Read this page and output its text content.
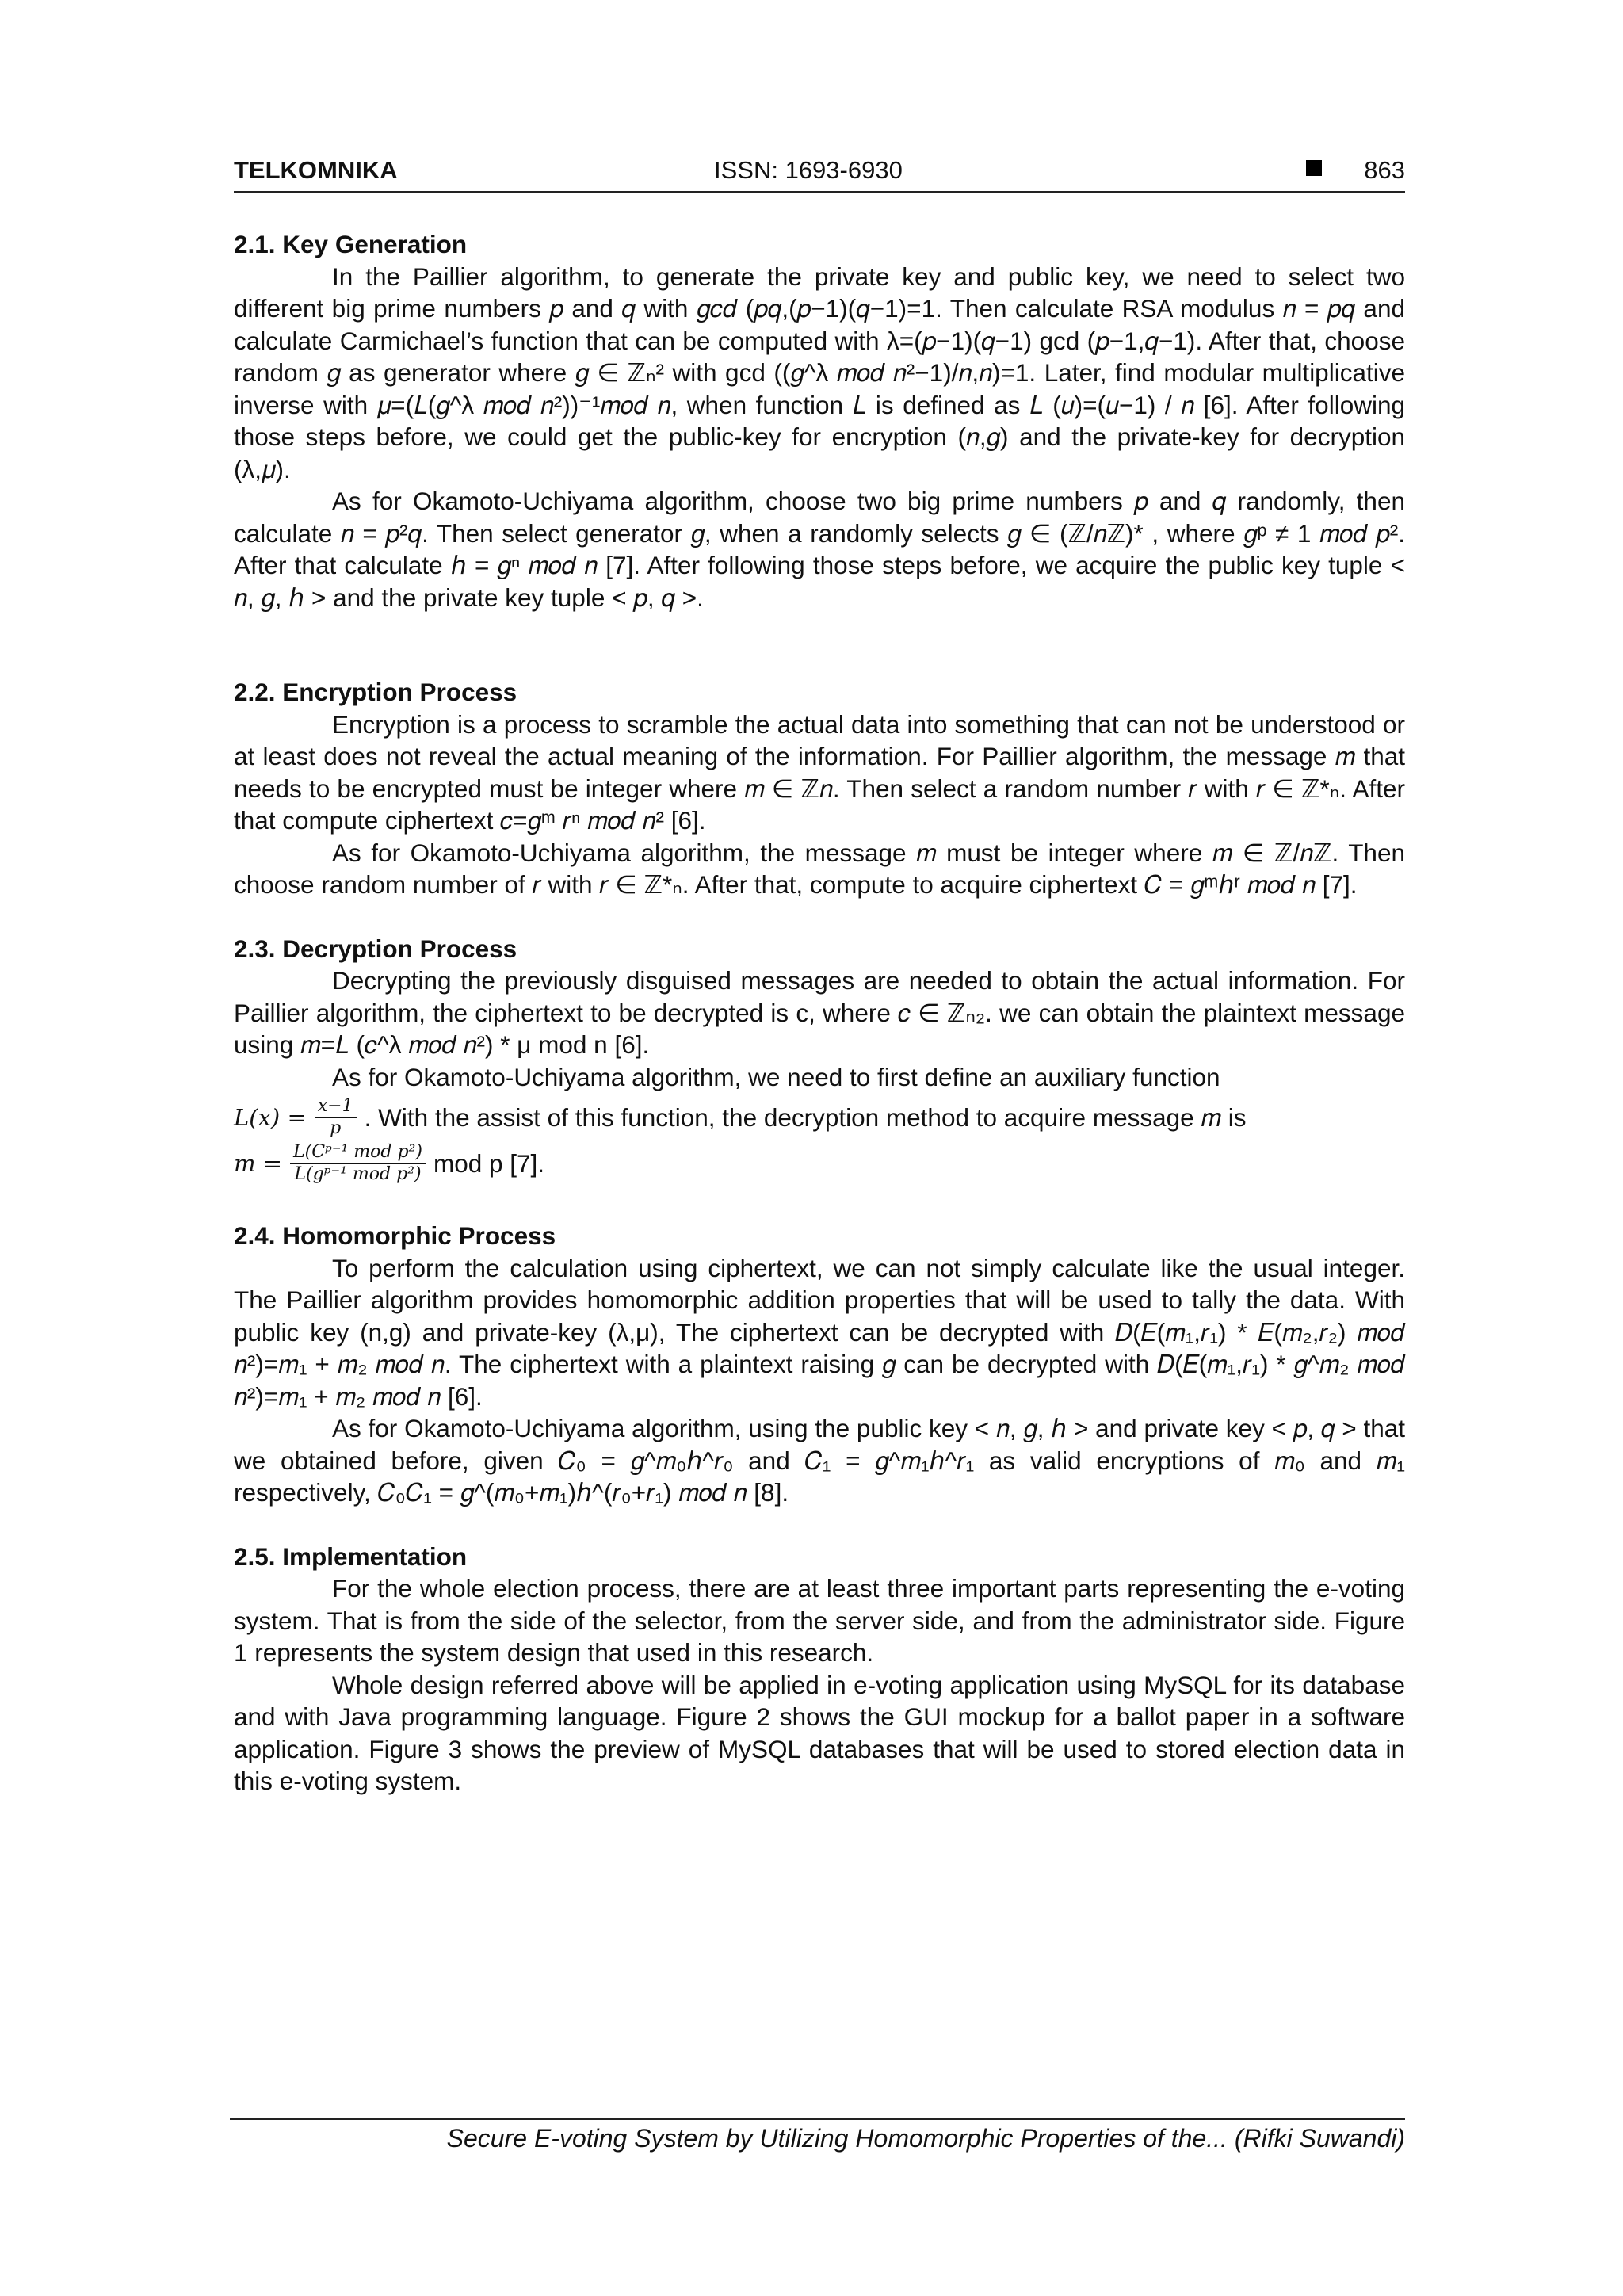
TELKOMNIKA	ISSN: 1693-6930	863
2.1. Key Generation

In the Paillier algorithm, to generate the private key and public key, we need to select two different big prime numbers 𝑝 and 𝑞 with 𝑔𝑐𝑑 (𝑝𝑞,(𝑝−1)(𝑞−1)=1. Then calculate RSA modulus 𝑛 = 𝑝𝑞 and calculate Carmichael’s function that can be computed with λ=(𝑝−1)(𝑞−1) gcd (𝑝−1,𝑞−1). After that, choose random 𝑔 as generator where 𝑔 ∈ ℤₙ² with gcd ((𝑔^λ 𝑚𝑜𝑑 𝑛²−1)/𝑛,𝑛)=1. Later, find modular multiplicative inverse with 𝜇=(𝐿(𝑔^λ 𝑚𝑜𝑑 𝑛²))⁻¹𝑚𝑜𝑑 𝑛, when function 𝐿 is defined as 𝐿 (𝑢)=(𝑢−1) / 𝑛 [6]. After following those steps before, we could get the public-key for encryption (𝑛,𝑔) and the private-key for decryption (λ,𝜇).

As for Okamoto-Uchiyama algorithm, choose two big prime numbers 𝑝 and 𝑞 randomly, then calculate 𝑛 = 𝑝²𝑞. Then select generator 𝑔, when a randomly selects 𝑔 ∈ (ℤ/𝑛ℤ)* , where 𝑔ᵖ ≠ 1 𝑚𝑜𝑑 𝑝². After that calculate ℎ = 𝑔ⁿ 𝑚𝑜𝑑 𝑛 [7]. After following those steps before, we acquire the public key tuple < 𝑛, 𝑔, ℎ > and the private key tuple < 𝑝, 𝑞 >.

2.2. Encryption Process

Encryption is a process to scramble the actual data into something that can not be understood or at least does not reveal the actual meaning of the information. For Paillier algorithm, the message 𝑚 that needs to be encrypted must be integer where 𝑚 ∈ ℤ𝑛. Then select a random number 𝑟 with 𝑟 ∈ ℤ*ₙ. After that compute ciphertext 𝑐=𝑔ᵐ 𝑟ⁿ 𝑚𝑜𝑑 𝑛² [6].

As for Okamoto-Uchiyama algorithm, the message 𝑚 must be integer where 𝑚 ∈ ℤ/𝑛ℤ. Then choose random number of 𝑟 with 𝑟 ∈ ℤ*ₙ. After that, compute to acquire ciphertext 𝐶 = 𝑔ᵐℎʳ 𝑚𝑜𝑑 𝑛 [7].

2.3. Decryption Process

Decrypting the previously disguised messages are needed to obtain the actual information. For Paillier algorithm, the ciphertext to be decrypted is c, where 𝑐 ∈ ℤₙ₂. we can obtain the plaintext message using 𝑚=𝐿 (𝑐^λ 𝑚𝑜𝑑 𝑛²) * μ mod n [6].

As for Okamoto-Uchiyama algorithm, we need to first define an auxiliary function

𝐿(𝑥) = $\frac{\text{𝑥−1}}{\text{𝑝}}$ . With the assist of this function, the decryption method to acquire message 𝑚 is
𝑚 = $\frac{\text{𝐿(𝐶ᵖ⁻¹ 𝑚𝑜𝑑 𝑝²)}}{\text{𝐿(𝑔ᵖ⁻¹ 𝑚𝑜𝑑 𝑝²)}}$ mod p [7].
2.4. Homomorphic Process

To perform the calculation using ciphertext, we can not simply calculate like the usual integer. The Paillier algorithm provides homomorphic addition properties that will be used to tally the data. With public key (n,g) and private-key (λ,μ), The ciphertext can be decrypted with 𝐷(𝐸(𝑚₁,𝑟₁) * 𝐸(𝑚₂,𝑟₂) 𝑚𝑜𝑑 𝑛²)=𝑚₁ + 𝑚₂ 𝑚𝑜𝑑 𝑛. The ciphertext with a plaintext raising 𝑔 can be decrypted with 𝐷(𝐸(𝑚₁,𝑟₁) * 𝑔^𝑚₂ 𝑚𝑜𝑑 𝑛²)=𝑚₁ + 𝑚₂ 𝑚𝑜𝑑 𝑛 [6].

As for Okamoto-Uchiyama algorithm, using the public key < 𝑛, 𝑔, ℎ > and private key < 𝑝, 𝑞 > that we obtained before, given 𝐶₀ = 𝑔^𝑚₀ℎ^𝑟₀ and 𝐶₁ = 𝑔^𝑚₁ℎ^𝑟₁ as valid encryptions of 𝑚₀ and 𝑚₁ respectively, 𝐶₀𝐶₁ = 𝑔^(𝑚₀+𝑚₁)ℎ^(𝑟₀+𝑟₁) 𝑚𝑜𝑑 𝑛 [8].

2.5. Implementation

For the whole election process, there are at least three important parts representing the e-voting system. That is from the side of the selector, from the server side, and from the administrator side. Figure 1 represents the system design that used in this research.

Whole design referred above will be applied in e-voting application using MySQL for its database and with Java programming language. Figure 2 shows the GUI mockup for a ballot paper in a software application. Figure 3 shows the preview of MySQL databases that will be used to stored election data in this e-voting system.

Secure E-voting System by Utilizing Homomorphic Properties of the... (Rifki Suwandi)
